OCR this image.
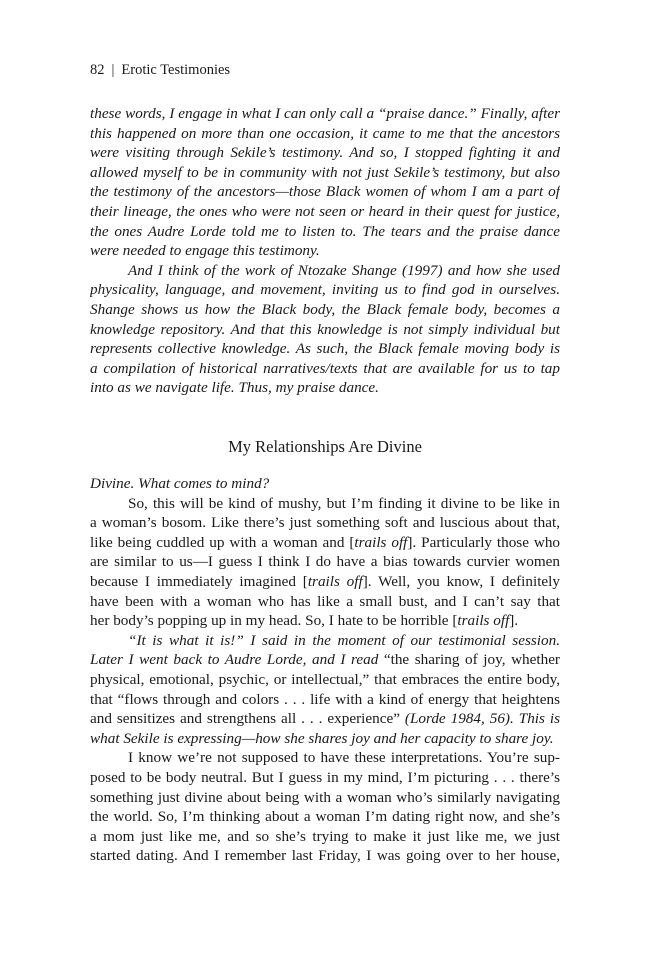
82 | Erotic Testimonies
these words, I engage in what I can only call a “praise dance.” Finally, after
this happened on more than one occasion, it came to me that the ancestors
were visiting through Sekile’s testimony. And so, I stopped fighting it and
allowed myself to be in community with not just Sekile’s testimony, but also
the testimony of the ancestors—those Black women of whom I am a part of
their lineage, the ones who were not seen or heard in their quest for justice,
the ones Audre Lorde told me to listen to. The tears and the praise dance
were needed to engage this testimony.
And I think of the work of Ntozake Shange (1997) and how she used
physicality, language, and movement, inviting us to find god in ourselves.
Shange shows us how the Black body, the Black female body, becomes a
knowledge repository. And that this knowledge is not simply individual but
represents collective knowledge. As such, the Black female moving body is
a compilation of historical narratives/texts that are available for us to tap
into as we navigate life. Thus, my praise dance.
My Relationships Are Divine
Divine. What comes to mind?
So, this will be kind of mushy, but I’m finding it divine to be like in
a woman’s bosom. Like there’s just something soft and luscious about that,
like being cuddled up with a woman and [trails off]. Particularly those who
are similar to us—I guess I think I do have a bias towards curvier women
because I immediately imagined [trails off]. Well, you know, I definitely
have been with a woman who has like a small bust, and I can’t say that
her body’s popping up in my head. So, I hate to be horrible [trails off].
“It is what it is!” I said in the moment of our testimonial session.
Later I went back to Audre Lorde, and I read “the sharing of joy, whether
physical, emotional, psychic, or intellectual,” that embraces the entire body,
that “flows through and colors . . . life with a kind of energy that heightens
and sensitizes and strengthens all . . . experience” (Lorde 1984, 56). This is
what Sekile is expressing—how she shares joy and her capacity to share joy.
I know we’re not supposed to have these interpretations. You’re sup-
posed to be body neutral. But I guess in my mind, I’m picturing . . . there’s
something just divine about being with a woman who’s similarly navigating
the world. So, I’m thinking about a woman I’m dating right now, and she’s
a mom just like me, and so she’s trying to make it just like me, we just
started dating. And I remember last Friday, I was going over to her house,
